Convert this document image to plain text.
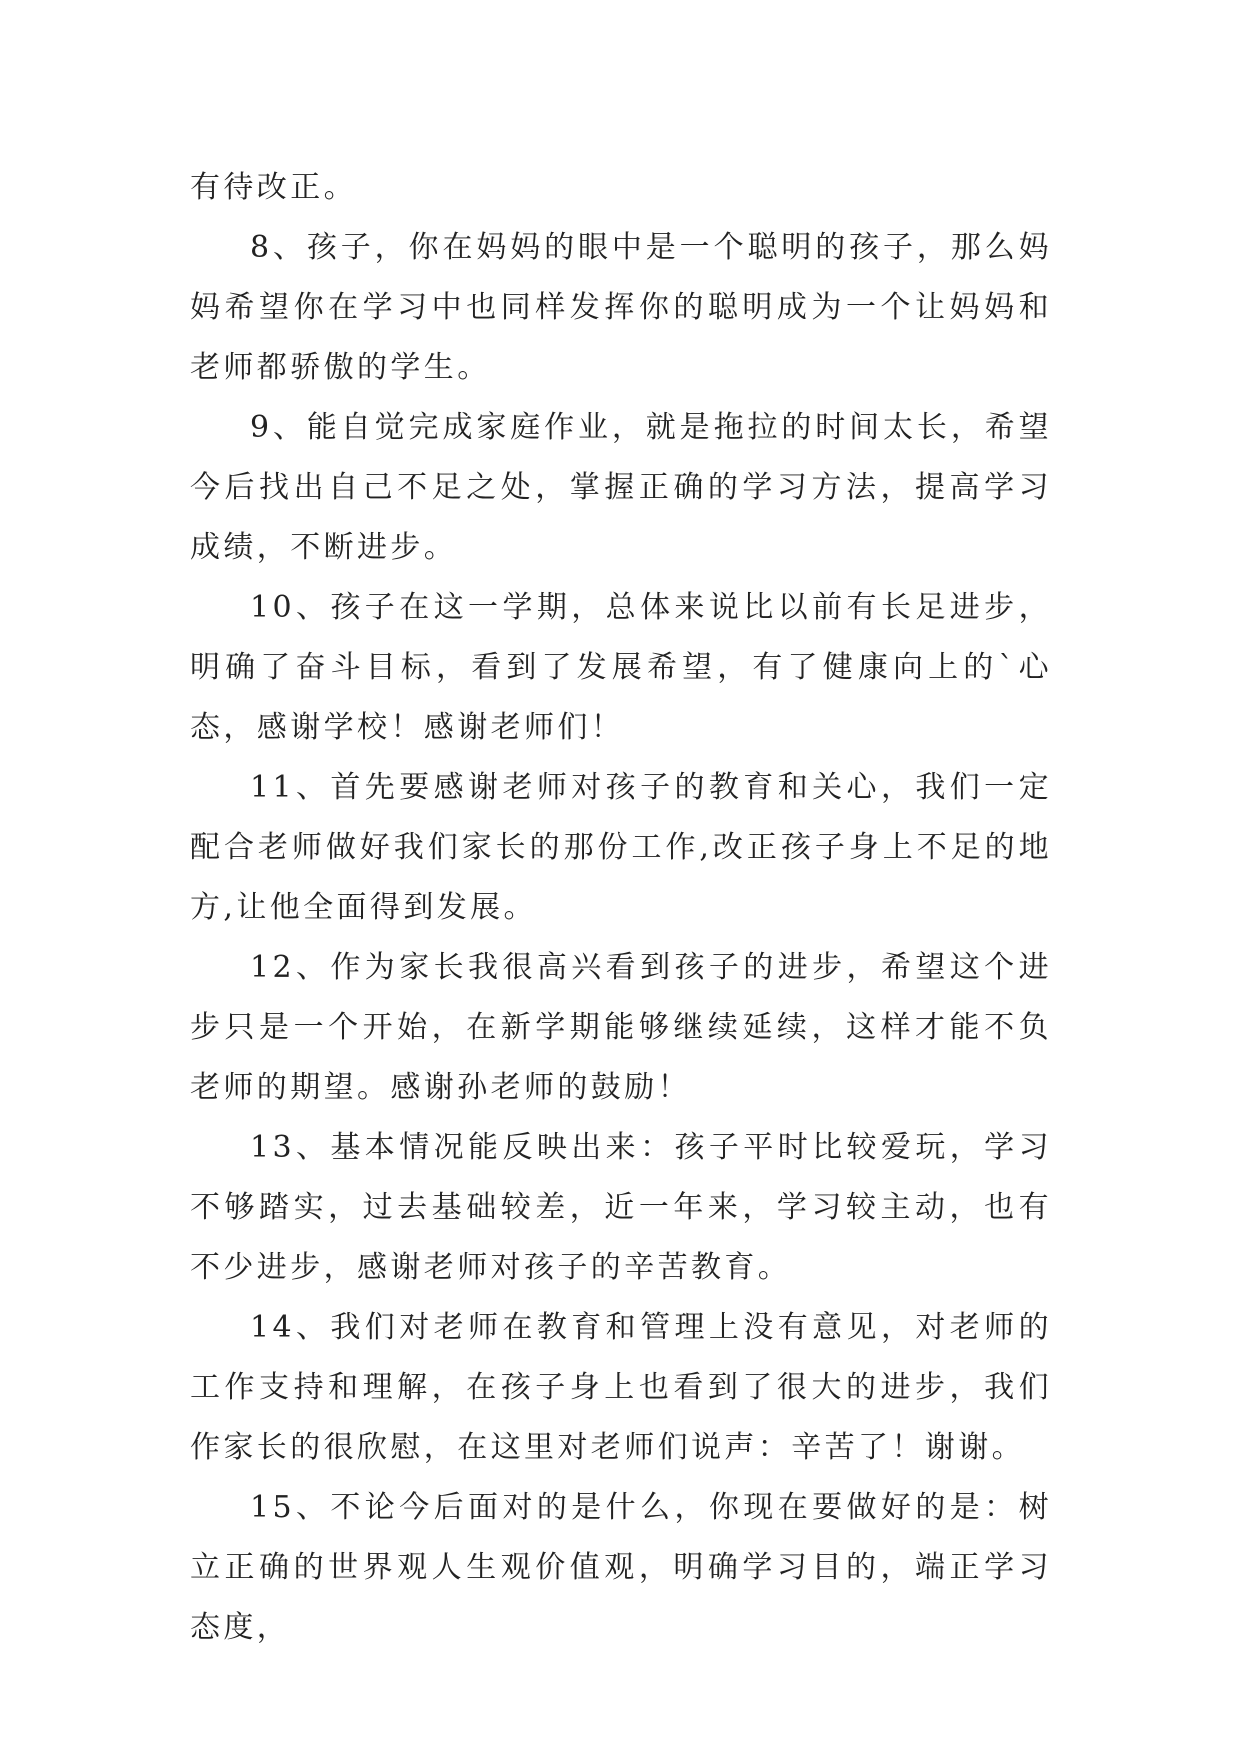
有待改正。

8、孩子，你在妈妈的眼中是一个聪明的孩子，那么妈妈希望你在学习中也同样发挥你的聪明成为一个让妈妈和老师都骄傲的学生。

9、能自觉完成家庭作业，就是拖拉的时间太长，希望今后找出自己不足之处，掌握正确的学习方法，提高学习成绩，不断进步。

10、孩子在这一学期，总体来说比以前有长足进步，明确了奋斗目标，看到了发展希望，有了健康向上的`心态，感谢学校！感谢老师们！

11、首先要感谢老师对孩子的教育和关心，我们一定配合老师做好我们家长的那份工作,改正孩子身上不足的地方,让他全面得到发展。

12、作为家长我很高兴看到孩子的进步，希望这个进步只是一个开始，在新学期能够继续延续，这样才能不负老师的期望。感谢孙老师的鼓励！

13、基本情况能反映出来：孩子平时比较爱玩，学习不够踏实，过去基础较差，近一年来，学习较主动，也有不少进步，感谢老师对孩子的辛苦教育。

14、我们对老师在教育和管理上没有意见，对老师的工作支持和理解，在孩子身上也看到了很大的进步，我们作家长的很欣慰，在这里对老师们说声：辛苦了！谢谢。

15、不论今后面对的是什么，你现在要做好的是：树立正确的世界观人生观价值观，明确学习目的，端正学习态度，
